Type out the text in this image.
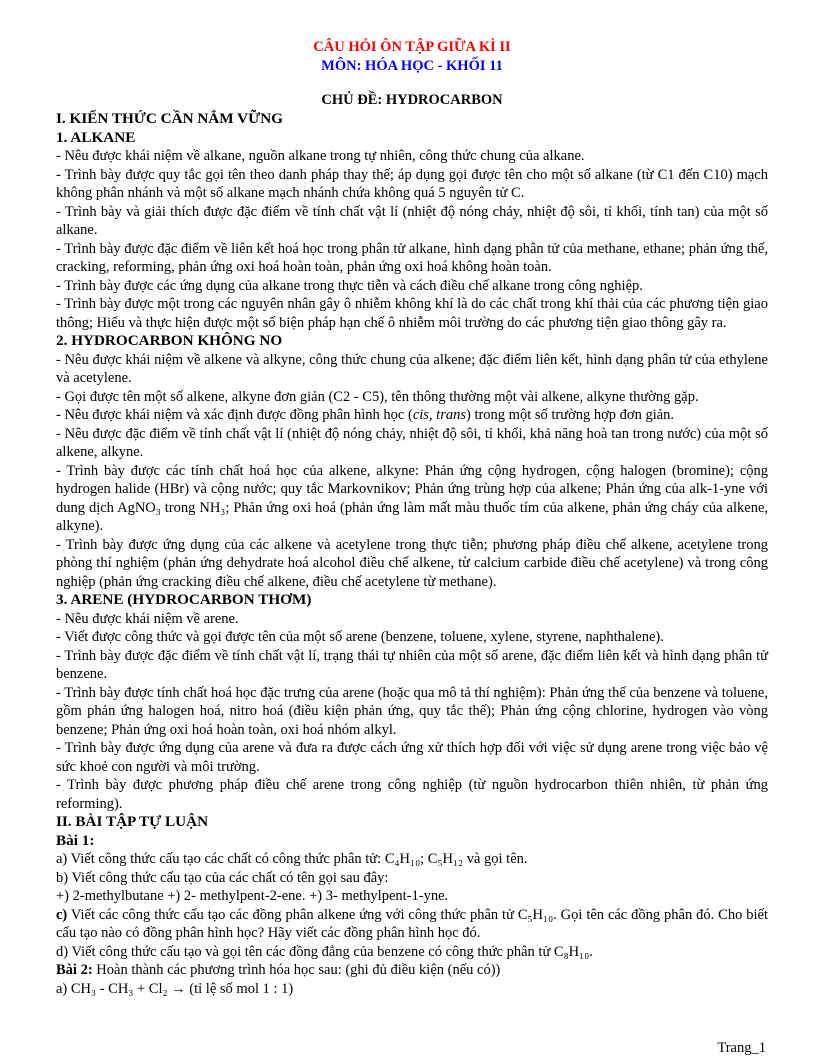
CÂU HỎI ÔN TẬP GIỮA KÌ II
MÔN: HÓA HỌC - KHỐI 11
CHỦ ĐỀ: HYDROCARBON
I. KIẾN THỨC CẦN NẮM VỮNG
1. ALKANE
- Nêu được khái niệm về alkane, nguồn alkane trong tự nhiên, công thức chung của alkane.
- Trình bày được quy tắc gọi tên theo danh pháp thay thế; áp dụng gọi được tên cho một số alkane (từ C1 đến C10) mạch không phân nhánh và một số alkane mạch nhánh chứa không quá 5 nguyên tử C.
- Trình bày và giải thích được đặc điểm về tính chất vật lí (nhiệt độ nóng chảy, nhiệt độ sôi, tỉ khối, tính tan) của một số alkane.
- Trình bày được đặc điểm về liên kết hoá học trong phân tử alkane, hình dạng phân tử của methane, ethane; phản ứng thế, cracking, reforming, phản ứng oxi hoá hoàn toàn, phản ứng oxi hoá không hoàn toàn.
- Trình bày được các ứng dụng của alkane trong thực tiễn và cách điều chế alkane trong công nghiệp.
- Trình bày được một trong các nguyên nhân gây ô nhiễm không khí là do các chất trong khí thải của các phương tiện giao thông; Hiểu và thực hiện được một số biện pháp hạn chế ô nhiễm môi trường do các phương tiện giao thông gây ra.
2. HYDROCARBON KHÔNG NO
- Nêu được khái niệm về alkene và alkyne, công thức chung của alkene; đặc điểm liên kết, hình dạng phân tử của ethylene và acetylene.
- Gọi được tên một số alkene, alkyne đơn giản (C2 - C5), tên thông thường một vài alkene, alkyne thường gặp.
- Nêu được khái niệm và xác định được đồng phân hình học (cis, trans) trong một số trường hợp đơn giản.
- Nêu được đặc điểm về tính chất vật lí (nhiệt độ nóng chảy, nhiệt độ sôi, tỉ khối, khả năng hoà tan trong nước) của một số alkene, alkyne.
- Trình bày được các tính chất hoá học của alkene, alkyne: Phản ứng cộng hydrogen, cộng halogen (bromine); cộng hydrogen halide (HBr) và cộng nước; quy tắc Markovnikov; Phản ứng trùng hợp của alkene; Phản ứng của alk-1-yne với dung dịch AgNO₃ trong NH₃; Phản ứng oxi hoá (phản ứng làm mất màu thuốc tím của alkene, phản ứng cháy của alkene, alkyne).
- Trình bày được ứng dụng của các alkene và acetylene trong thực tiễn; phương pháp điều chế alkene, acetylene trong phòng thí nghiệm (phản ứng dehydrate hoá alcohol điều chế alkene, từ calcium carbide điều chế acetylene) và trong công nghiệp (phản ứng cracking điều chế alkene, điều chế acetylene từ methane).
3. ARENE (HYDROCARBON THƠM)
- Nêu được khái niệm về arene.
- Viết được công thức và gọi được tên của một số arene (benzene, toluene, xylene, styrene, naphthalene).
- Trình bày được đặc điểm về tính chất vật lí, trạng thái tự nhiên của một số arene, đặc điểm liên kết và hình dạng phân tử benzene.
- Trình bày được tính chất hoá học đặc trưng của arene (hoặc qua mô tả thí nghiệm): Phản ứng thế của benzene và toluene, gồm phản ứng halogen hoá, nitro hoá (điều kiện phản ứng, quy tắc thế); Phản ứng cộng chlorine, hydrogen vào vòng benzene; Phản ứng oxi hoá hoàn toàn, oxi hoá nhóm alkyl.
- Trình bày được ứng dụng của arene và đưa ra được cách ứng xử thích hợp đối với việc sử dụng arene trong việc bảo vệ sức khoẻ con người và môi trường.
- Trình bày được phương pháp điều chế arene trong công nghiệp (từ nguồn hydrocarbon thiên nhiên, từ phản ứng reforming).
II. BÀI TẬP TỰ LUẬN
Bài 1:
a) Viết công thức cấu tạo các chất có công thức phân tử: C₄H₁₀; C₅H₁₂ và gọi tên.
b) Viết công thức cấu tạo của các chất có tên gọi sau đây:
+) 2-methylbutane +) 2- methylpent-2-ene. +) 3- methylpent-1-yne.
c) Viết các công thức cấu tạo các đồng phân alkene ứng với công thức phân tử C₅H₁₀. Gọi tên các đồng phân đó. Cho biết cấu tạo nào có đồng phân hình học? Hãy viết các đồng phân hình học đó.
d) Viết công thức cấu tạo và gọi tên các đồng đẳng của benzene có công thức phân tử C₈H₁₀.
Bài 2: Hoàn thành các phương trình hóa học sau: (ghi đủ điều kiện (nếu có))
a) CH₃ - CH₃ + Cl₂ → (tỉ lệ số mol 1 : 1)
Trang_1
